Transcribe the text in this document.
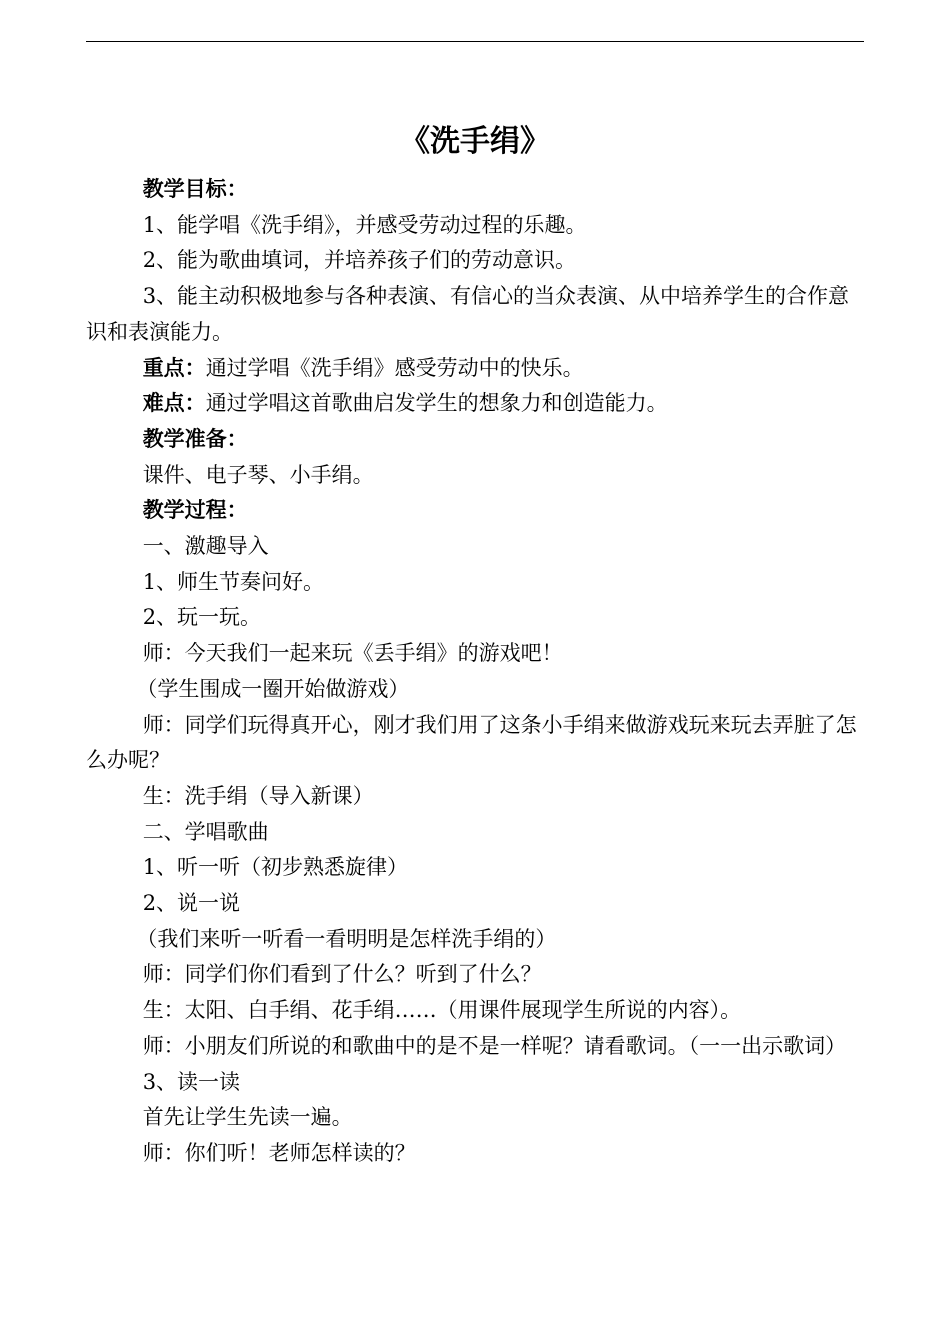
《洗手绢》

教学目标：

1、能学唱《洗手绢》，并感受劳动过程的乐趣。

2、能为歌曲填词，并培养孩子们的劳动意识。

3、能主动积极地参与各种表演、有信心的当众表演、从中培养学生的合作意识和表演能力。

重点：通过学唱《洗手绢》感受劳动中的快乐。

难点：通过学唱这首歌曲启发学生的想象力和创造能力。

教学准备：

课件、电子琴、小手绢。

教学过程：

一、激趣导入

1、师生节奏问好。

2、玩一玩。

师：今天我们一起来玩《丢手绢》的游戏吧！

（学生围成一圈开始做游戏）

师：同学们玩得真开心，刚才我们用了这条小手绢来做游戏玩来玩去弄脏了怎么办呢？

生：洗手绢（导入新课）

二、学唱歌曲

1、听一听（初步熟悉旋律）

2、说一说

（我们来听一听看一看明明是怎样洗手绢的）

师：同学们你们看到了什么？听到了什么？

生：太阳、白手绢、花手绢……（用课件展现学生所说的内容）。

师：小朋友们所说的和歌曲中的是不是一样呢？请看歌词。（一一出示歌词）

3、读一读

首先让学生先读一遍。

师：你们听！老师怎样读的？
